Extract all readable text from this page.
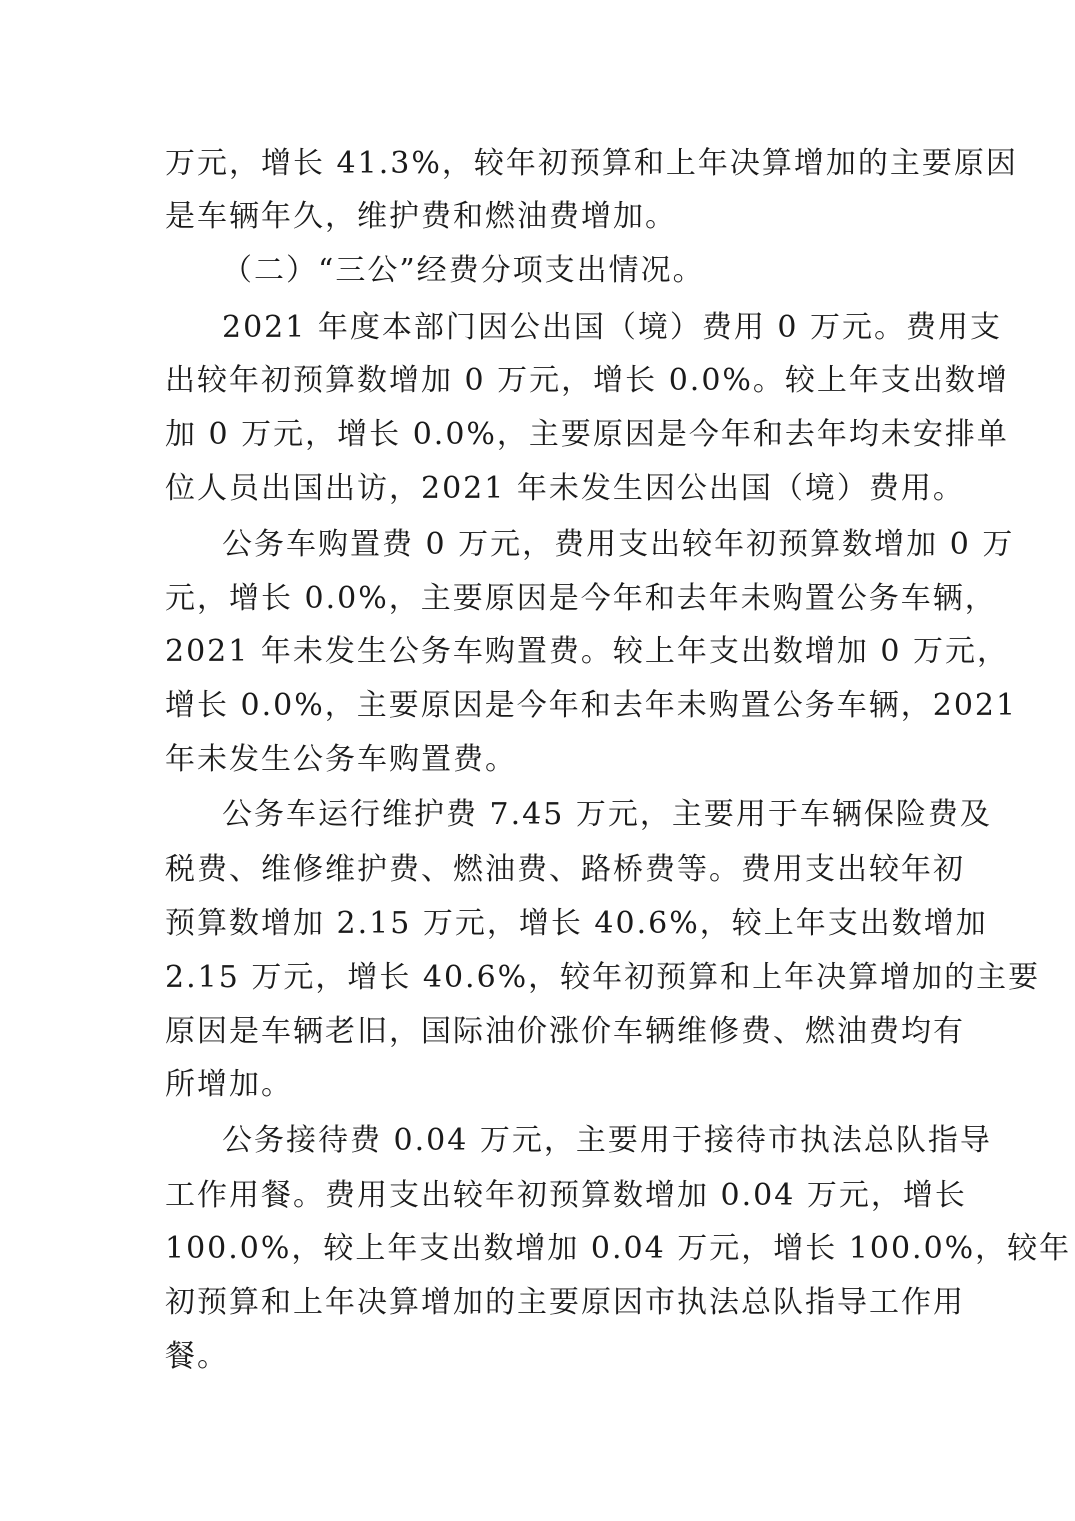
万元，增长 41.3%，较年初预算和上年决算增加的主要原因
是车辆年久，维护费和燃油费增加。
（二）“三公”经费分项支出情况。
2021 年度本部门因公出国（境）费用 0 万元。费用支
出较年初预算数增加 0 万元，增长 0.0%。较上年支出数增
加 0 万元，增长 0.0%，主要原因是今年和去年均未安排单
位人员出国出访，2021 年未发生因公出国（境）费用。
公务车购置费 0 万元，费用支出较年初预算数增加 0 万
元，增长 0.0%，主要原因是今年和去年未购置公务车辆，
2021 年未发生公务车购置费。较上年支出数增加 0 万元，
增长 0.0%，主要原因是今年和去年未购置公务车辆，2021
年未发生公务车购置费。
公务车运行维护费 7.45 万元，主要用于车辆保险费及
税费、维修维护费、燃油费、路桥费等。费用支出较年初
预算数增加 2.15 万元，增长 40.6%，较上年支出数增加
2.15 万元，增长 40.6%，较年初预算和上年决算增加的主要
原因是车辆老旧，国际油价涨价车辆维修费、燃油费均有
所增加。
公务接待费 0.04 万元，主要用于接待市执法总队指导
工作用餐。费用支出较年初预算数增加 0.04 万元，增长
100.0%，较上年支出数增加 0.04 万元，增长 100.0%，较年
初预算和上年决算增加的主要原因市执法总队指导工作用
餐。
